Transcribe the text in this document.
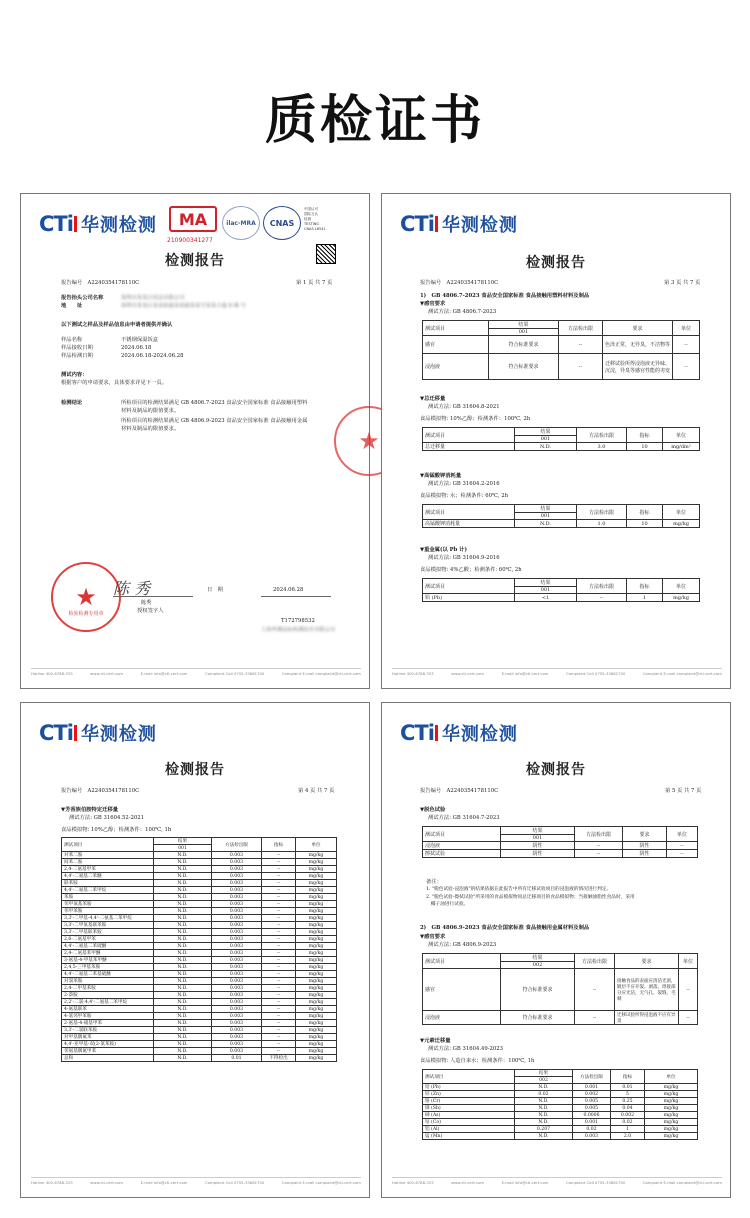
质检证书
CTi 华测检测	MA
210900341277
ilac-MRA	CNAS
中国认可
国际互认
检测
TESTING
CNAS L6541
检测报告
报告编号　 A2240354178110C	第 1 页 共 7 页
报告抬头公司名称	深圳市某某日用品有限公司
地　　址	深圳市某某区某某街道某某路某某号某某大厦 8 楼 号
以下测试之样品及样品信息由申请者提供并确认
样品名称	不锈钢保温饭盒
样品接收日期	2024.06.18
样品检测日期	2024.06.18-2024.06.28
测试内容：
根据客户的申请要求，具体要求详见下一页。
检测结论	所检项目的检测结果满足 GB 4806.7-2023 食品安全国家标准 食品接触用塑料
材料及制品的限值要求。
所检项目的检测结果满足 GB 4806.9-2023 食品安全国家标准 食品接触用金属
材料及制品的限值要求。	★
★
检验检测专用章
陈 秀	日　期	2024.06.28
陈秀
授权签字人
T172798532
上海华测品标检测技术有限公司
Hotline 400-6788-333	www.cti-cert.com	E-mail info@cti-cert.com	Complaint Call 0755-33681700	Complaint E-mail complaint@cti-cert.com
CTi 华测检测
检测报告
报告编号　 A2240354178110C	第 3 页 共 7 页
1)　GB 4806.7-2023 食品安全国家标准 食品接触用塑料材料及制品
▼感官要求
测试方法: GB 4806.7-2023
测试项目	结果	方法检出限	要求	单位
	001			
感官	符合标准要求	--	色泽正常，无异臭，不洁物等	--
浸泡液	符合标准要求	--	迁移试验所得浸泡液无异味、沉淀，异臭等感官性能的劣变	--
▼总迁移量
测试方法: GB 31604.8-2021
食品模拟物: 10%乙醇；检测条件：100℃, 2h
测试项目	结果	方法检出限	指标	单位
	001			
总迁移量	N.D.	3.0	10	mg/dm²
▼高锰酸钾消耗量
测试方法: GB 31604.2-2016
食品模拟物: 水；检测条件: 60℃, 2h
测试项目	结果	方法检出限	指标	单位
	001			
高锰酸钾消耗量	N.D.	1.0	10	mg/kg
▼重金属(以 Pb 计)
测试方法: GB 31604.9-2016
食品模拟物: 4%乙酸；检测条件: 60℃, 2h
测试项目	结果	方法检出限	指标	单位
	001			
铅 (Pb)	<1	--	1	mg/kg
Hotline 400-6788-333	www.cti-cert.com	E-mail info@cti-cert.com	Complaint Call 0755-33681700	Complaint E-mail complaint@cti-cert.com
CTi 华测检测
检测报告
报告编号　 A2240354178110C	第 4 页 共 7 页
▼芳香族伯胺特定迁移量
测试方法: GB 31604.52-2021
食品模拟物: 10%乙醇；检测条件：100℃, 1h
测试项目	结果	方法检出限	指标	单位
	001			
对苯二胺	N.D.	0.003	--	mg/kg
间苯二胺	N.D.	0.003	--	mg/kg
2,4-二氨基甲苯	N.D.	0.003	--	mg/kg
4,4'-二氨基二苯醚	N.D.	0.003	--	mg/kg
联苯胺	N.D.	0.003	--	mg/kg
4,4'-二氨基二苯甲烷	N.D.	0.003	--	mg/kg
苯胺	N.D.	0.003	--	mg/kg
邻甲氧基苯胺	N.D.	0.003	--	mg/kg
邻甲苯胺	N.D.	0.003	--	mg/kg
3,3'-二甲基-4,4'-二氨基二苯甲烷	N.D.	0.003	--	mg/kg
3,3'-二甲氧基联苯胺	N.D.	0.003	--	mg/kg
3,3'-二甲基联苯胺	N.D.	0.003	--	mg/kg
2,6-二氨基甲苯	N.D.	0.003	--	mg/kg
4,4'-二氨基二苯硫醚	N.D.	0.003	--	mg/kg
2,4-二氨基苯甲醚	N.D.	0.003	--	mg/kg
3-氨基-4-甲基苯甲醚	N.D.	0.003	--	mg/kg
2,4,5-三甲基苯胺	N.D.	0.003	--	mg/kg
4,4'-二氨基二苯基硫醚	N.D.	0.003	--	mg/kg
对氯苯胺	N.D.	0.003	--	mg/kg
2,4-二甲基苯胺	N.D.	0.003	--	mg/kg
2-萘胺	N.D.	0.003	--	mg/kg
2,2'-二氯-4,4'-二氨基二苯甲烷	N.D.	0.003	--	mg/kg
4-氨基联苯	N.D.	0.003	--	mg/kg
4-氯邻甲苯胺	N.D.	0.003	--	mg/kg
2-氨基-4-硝基甲苯	N.D.	0.003	--	mg/kg
3,3'-二氯联苯胺	N.D.	0.003	--	mg/kg
对甲基偶氮苯	N.D.	0.003	--	mg/kg
4,4'-亚甲基-双(2-氯苯胺)	N.D.	0.003	--	mg/kg
邻氨基偶氮甲苯	N.D.	0.003	--	mg/kg
总和	N.D.	0.01	不得检出	mg/kg
Hotline 400-6788-333	www.cti-cert.com	E-mail info@cti-cert.com	Complaint Call 0755-33681700	Complaint E-mail complaint@cti-cert.com
CTi 华测检测
检测报告
报告编号　 A2240354178110C	第 5 页 共 7 页
▼脱色试验
测试方法: GB 31604.7-2023
测试项目	结果	方法检出限	要求	单位
	001			
浸泡液	阴性	--	阴性	--
擦拭试验	阴性	--	阴性	--
备注：
1. "脱色试验-浸泡液"的结果依据在此报告中所有迁移试验项目的浸泡液的情况进行判定。
2. "脱色试验-擦拭试验"所采用的食品模拟物同总迁移项目的食品模拟物；当接触油脂性食品时，采用
　椰子油进行试验。
2)　GB 4806.9-2023 食品安全国家标准 食品接触用金属材料及制品
▼感官要求
测试方法: GB 4806.9-2023
测试项目	结果	方法检出限	要求	单位
	002			
感官	符合标准要求	--	接触食品的表面应清洁光滑，镀层不应开裂、剥落，焊接部分应光洁，无气孔、裂缝、毛刺	--
浸泡液	符合标准要求	--	迁移试验所得浸泡液不应有异臭	--
▼元素迁移量
测试方法: GB 31604.49-2023
食品模拟物: 人造自来水；检测条件：100℃, 1h
测试项目	结果	方法检出限	指标	单位
	002			
铅 (Pb)	N.D.	0.001	0.01	mg/kg
锌 (Zn)	0.02	0.002	5	mg/kg
铬 (Cr)	N.D.	0.005	0.25	mg/kg
锑 (Sb)	N.D.	0.005	0.04	mg/kg
砷 (As)	N.D.	0.0006	0.002	mg/kg
钴 (Co)	N.D.	0.001	0.02	mg/kg
铝 (Al)	0.207	0.02	1	mg/kg
锰 (Mn)	N.D.	0.003	2.0	mg/kg
Hotline 400-6788-333	www.cti-cert.com	E-mail info@cti-cert.com	Complaint Call 0755-33681700	Complaint E-mail complaint@cti-cert.com
